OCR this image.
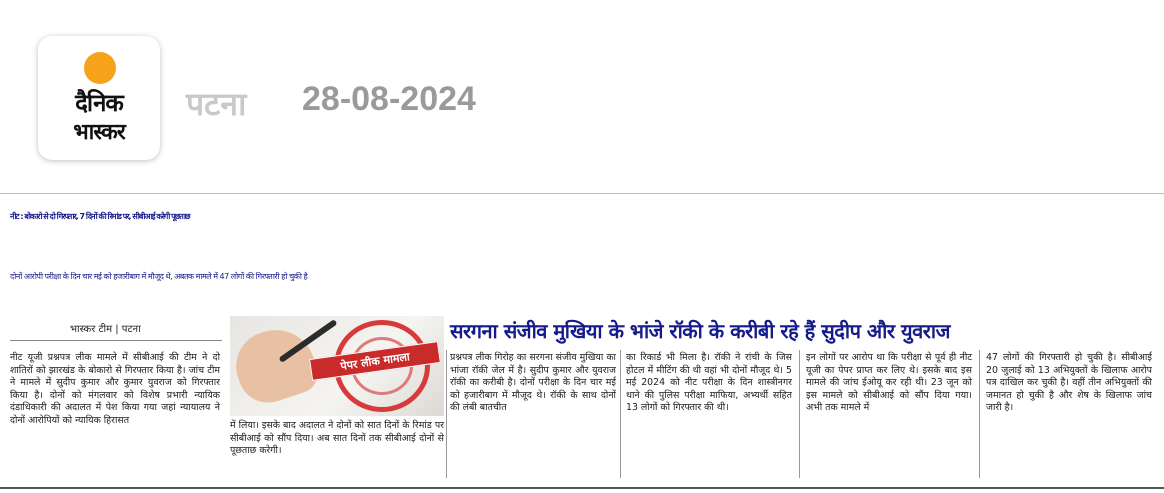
दैनिक
भास्कर
पटना 28-08-2024
नीट : बोकारो से दो गिरफ्तार, 7 दिनों की रिमांड पर, सीबीआई करेगी पूछताछ
दोनों आरोपी परीक्षा के दिन चार मई को हजारीबाग में मौजूद थे, अबतक मामले में 47 लोगों की गिरफ्तारी हो चुकी है
भास्कर टीम | पटना	सरगना संजीव मुखिया के भांजे रॉकी के करीबी रहे हैं सुदीप और युवराज
पेपर लीक मामला

नीट यूजी प्रश्नपत्र लीक मामले में सीबीआई की टीम ने दो शातिरों को झारखंड के बोकारो से गिरफ्तार किया है। जांच टीम ने मामले में सुदीप कुमार और कुमार युवराज को गिरफ्तार किया है। दोनों को मंगलवार को विशेष प्रभारी न्यायिक दंडाधिकारी की अदालत में पेश किया गया जहां न्यायालय ने दोनों आरोपियों को न्यायिक हिरासत	में लिया। इसके बाद अदालत ने दोनों को सात दिनों के रिमांड पर सीबीआई को सौंप दिया। अब सात दिनों तक सीबीआई दोनों से पूछताछ करेगी।

प्रश्नपत्र लीक गिरोह का सरगना संजीव मुखिया का भांजा रॉकी जेल में है। सुदीप कुमार और युवराज रॉकी का करीबी है। दोनों परीक्षा के दिन चार मई को हजारीबाग में मौजूद थे। रॉकी के साथ दोनों की लंबी बातचीत

का रिकार्ड भी मिला है। रॉकी ने रांची के जिस होटल में मीटिंग की थी वहां भी दोनों मौजूद थे। 5 मई 2024 को नीट परीक्षा के दिन शास्त्रीनगर थाने की पुलिस परीक्षा माफिया, अभ्यर्थी सहित 13 लोगों को गिरफ्तार की थी।

इन लोगों पर आरोप था कि परीक्षा से पूर्व ही नीट यूजी का पेपर प्राप्त कर लिए थे। इसके बाद इस मामले की जांच ईओयू कर रही थी। 23 जून को इस मामले को सीबीआई को सौंप दिया गया। अभी तक मामले में

47 लोगों की गिरफ्तारी हो चुकी है। सीबीआई 20 जुलाई को 13 अभियुक्तों के खिलाफ आरोप पत्र दाखिल कर चुकी है। वहीं तीन अभियुक्तों की जमानत हो चुकी है और शेष के खिलाफ जांच जारी है।
